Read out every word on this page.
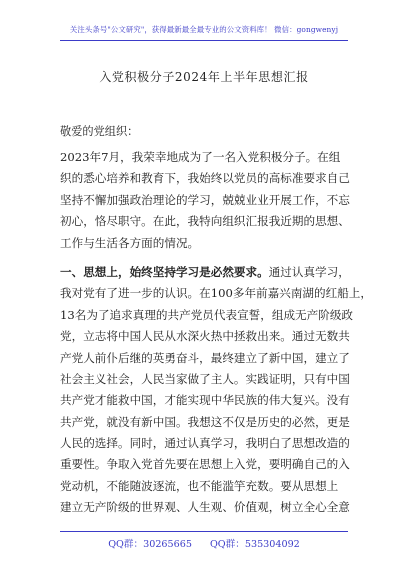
关注头条号"公文研究"，获得最新最全最专业的公文资料库！ 微信：gongwenyj
入党积极分子2024年上半年思想汇报
敬爱的党组织：
2023年7月，我荣幸地成为了一名入党积极分子。在组
织的悉心培养和教育下，我始终以党员的高标准要求自己
坚持不懈加强政治理论的学习，兢兢业业开展工作，不忘
初心，恪尽职守。在此，我特向组织汇报我近期的思想、
工作与生活各方面的情况。
一、思想上，始终坚持学习是必然要求。通过认真学习，
我对党有了进一步的认识。在100多年前嘉兴南湖的红船上，
13名为了追求真理的共产党员代表宣誓，组成无产阶级政
党，立志将中国人民从水深火热中拯救出来。通过无数共
产党人前仆后继的英勇奋斗，最终建立了新中国，建立了
社会主义社会，人民当家做了主人。实践证明，只有中国
共产党才能救中国，才能实现中华民族的伟大复兴。没有
共产党，就没有新中国。我想这不仅是历史的必然，更是
人民的选择。同时，通过认真学习，我明白了思想改造的
重要性。争取入党首先要在思想上入党，要明确自己的入
党动机，不能随波逐流，也不能滥竽充数。要从思想上
建立无产阶级的世界观、人生观、价值观，树立全心全意
QQ群：30265665 QQ群：535304092
